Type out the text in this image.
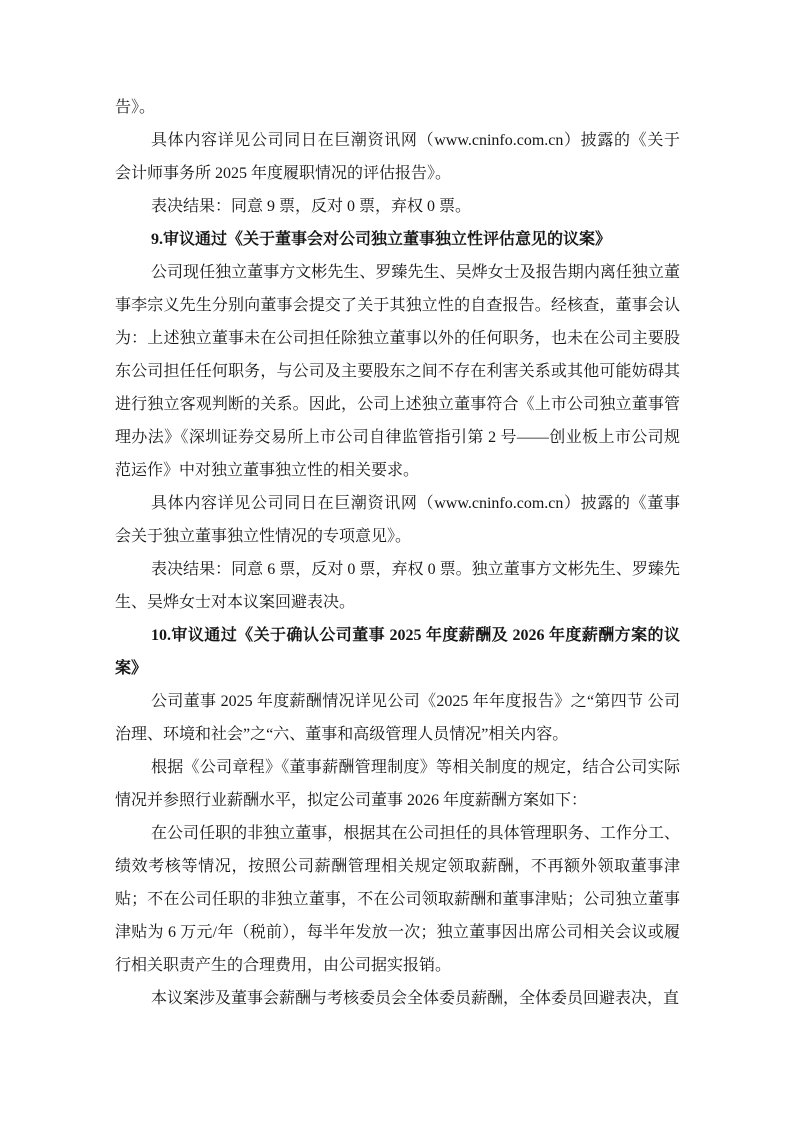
告》。

具体内容详见公司同日在巨潮资讯网（www.cninfo.com.cn）披露的《关于会计师事务所 2025 年度履职情况的评估报告》。

表决结果：同意 9 票，反对 0 票，弃权 0 票。

9.审议通过《关于董事会对公司独立董事独立性评估意见的议案》

公司现任独立董事方文彬先生、罗臻先生、吴烨女士及报告期内离任独立董事李宗义先生分别向董事会提交了关于其独立性的自查报告。经核查，董事会认为：上述独立董事未在公司担任除独立董事以外的任何职务，也未在公司主要股东公司担任任何职务，与公司及主要股东之间不存在利害关系或其他可能妨碍其进行独立客观判断的关系。因此，公司上述独立董事符合《上市公司独立董事管理办法》《深圳证券交易所上市公司自律监管指引第 2 号——创业板上市公司规范运作》中对独立董事独立性的相关要求。

具体内容详见公司同日在巨潮资讯网（www.cninfo.com.cn）披露的《董事会关于独立董事独立性情况的专项意见》。

表决结果：同意 6 票，反对 0 票，弃权 0 票。独立董事方文彬先生、罗臻先生、吴烨女士对本议案回避表决。

10.审议通过《关于确认公司董事 2025 年度薪酬及 2026 年度薪酬方案的议案》

公司董事 2025 年度薪酬情况详见公司《2025 年年度报告》之“第四节 公司治理、环境和社会”之“六、董事和高级管理人员情况”相关内容。

根据《公司章程》《董事薪酬管理制度》等相关制度的规定，结合公司实际情况并参照行业薪酬水平，拟定公司董事 2026 年度薪酬方案如下：

在公司任职的非独立董事，根据其在公司担任的具体管理职务、工作分工、绩效考核等情况，按照公司薪酬管理相关规定领取薪酬，不再额外领取董事津贴；不在公司任职的非独立董事，不在公司领取薪酬和董事津贴；公司独立董事津贴为 6 万元/年（税前），每半年发放一次；独立董事因出席公司相关会议或履行相关职责产生的合理费用，由公司据实报销。

本议案涉及董事会薪酬与考核委员会全体委员薪酬，全体委员回避表决，直
